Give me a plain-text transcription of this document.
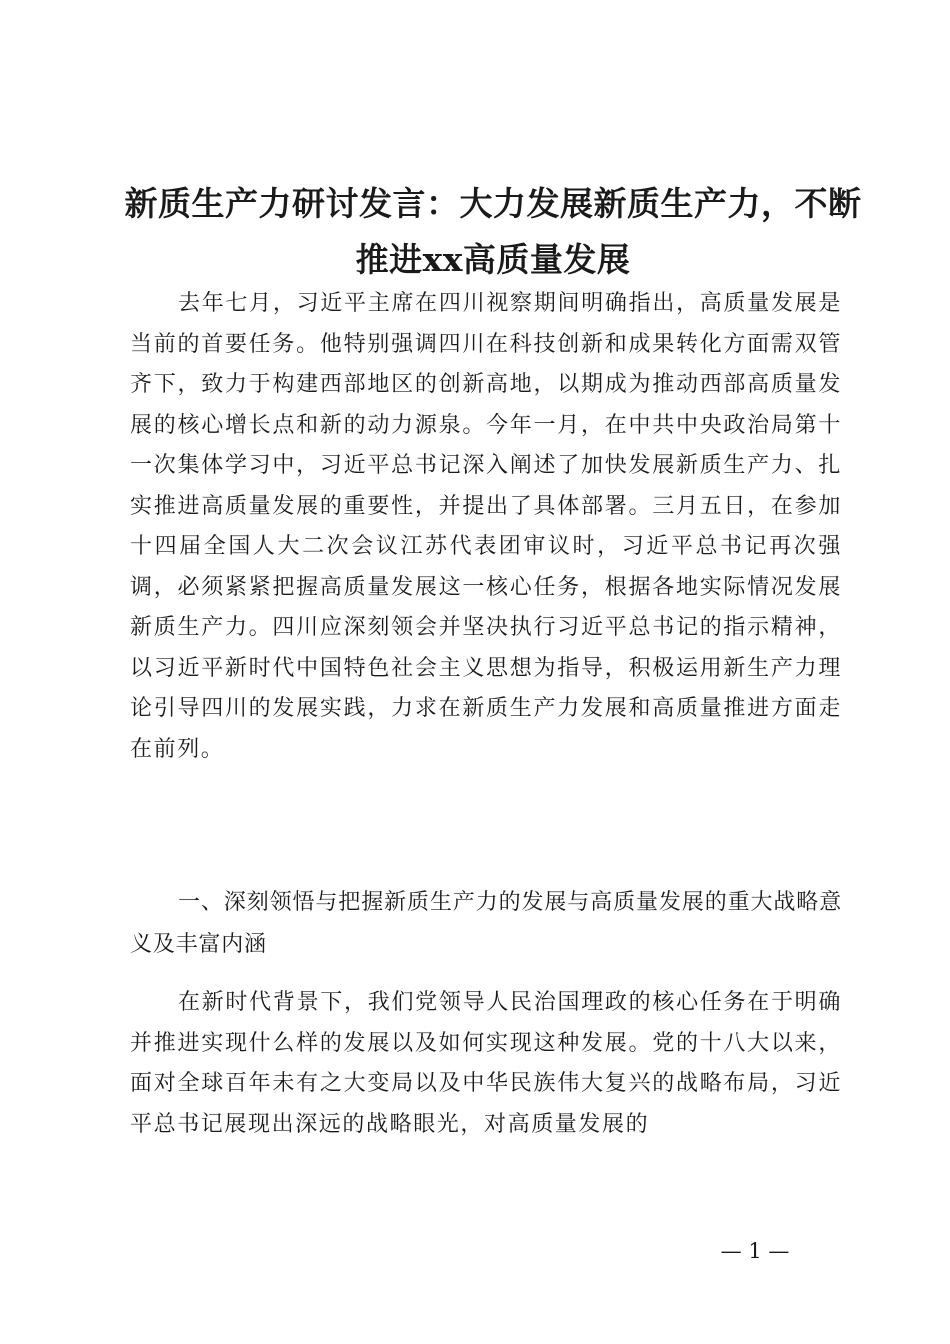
新质生产力研讨发言：大力发展新质生产力，不断推进xx高质量发展

去年七月，习近平主席在四川视察期间明确指出，高质量发展是当前的首要任务。他特别强调四川在科技创新和成果转化方面需双管齐下，致力于构建西部地区的创新高地，以期成为推动西部高质量发展的核心增长点和新的动力源泉。今年一月，在中共中央政治局第十一次集体学习中，习近平总书记深入阐述了加快发展新质生产力、扎实推进高质量发展的重要性，并提出了具体部署。三月五日，在参加十四届全国人大二次会议江苏代表团审议时，习近平总书记再次强调，必须紧紧把握高质量发展这一核心任务，根据各地实际情况发展新质生产力。四川应深刻领会并坚决执行习近平总书记的指示精神，以习近平新时代中国特色社会主义思想为指导，积极运用新生产力理论引导四川的发展实践，力求在新质生产力发展和高质量推进方面走在前列。

一、深刻领悟与把握新质生产力的发展与高质量发展的重大战略意义及丰富内涵

在新时代背景下，我们党领导人民治国理政的核心任务在于明确并推进实现什么样的发展以及如何实现这种发展。党的十八大以来，面对全球百年未有之大变局以及中华民族伟大复兴的战略布局，习近平总书记展现出深远的战略眼光，对高质量发展的

— 1 —
